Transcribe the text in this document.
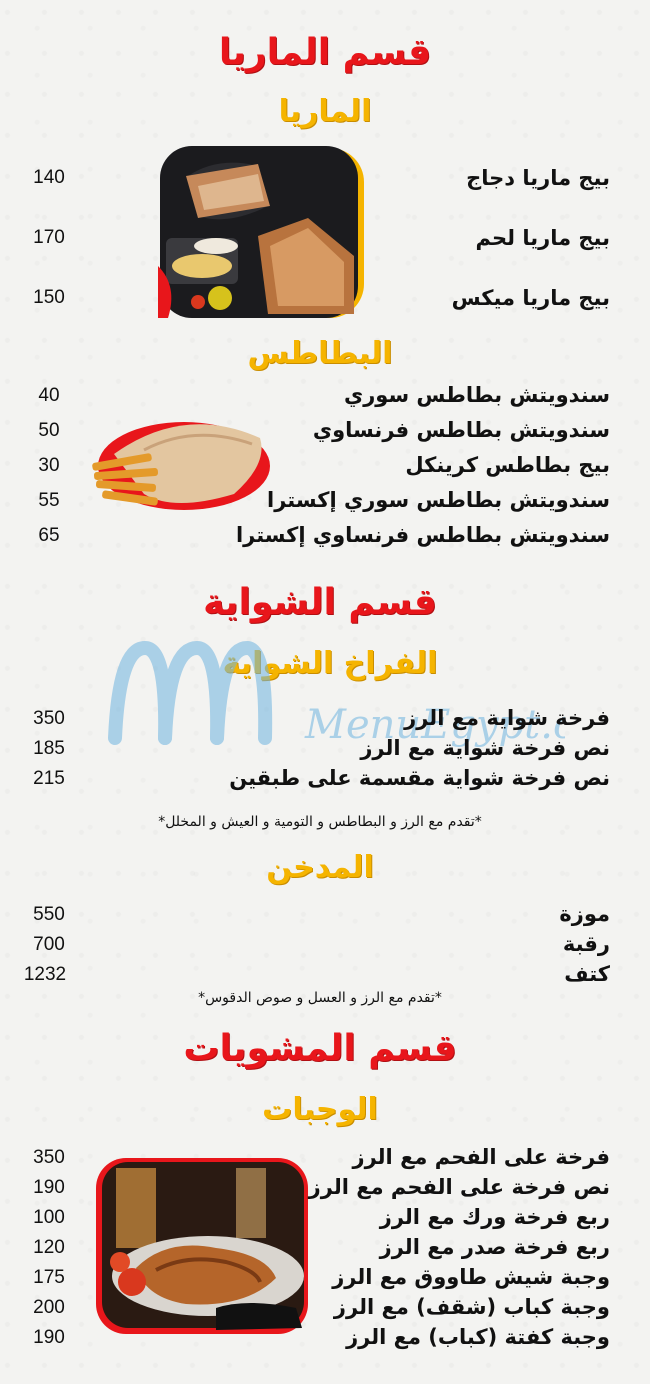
قسم الماريا
الماريا
بيج ماريا دجاج
140
بيج ماريا لحم
170
بيج ماريا ميكس
150
البطاطس
سندويتش بطاطس سوري
40
سندويتش بطاطس فرنساوي
50
بيج بطاطس كرينكل
30
سندويتش بطاطس سوري إكسترا
55
سندويتش بطاطس فرنساوي إكسترا
65
قسم الشواية
الفراخ الشواية
MenuEgypt.
فرخة شواية مع الرز
350
نص فرخة شواية مع الرز
185
نص فرخة شواية مقسمة على طبقين
215
*تقدم مع الرز و البطاطس و التومية و العيش و المخلل*
المدخن
موزة
550
رقبة
700
كتف
1232
*تقدم مع الرز و العسل و صوص الدقوس*
قسم المشويات
الوجبات
فرخة على الفحم مع الرز
350
نص فرخة على الفحم مع الرز
190
ربع فرخة ورك مع الرز
100
ربع فرخة صدر مع الرز
120
وجبة شيش طاووق مع الرز
175
وجبة كباب (شقف) مع الرز
200
وجبة كفتة (كباب) مع الرز
190
